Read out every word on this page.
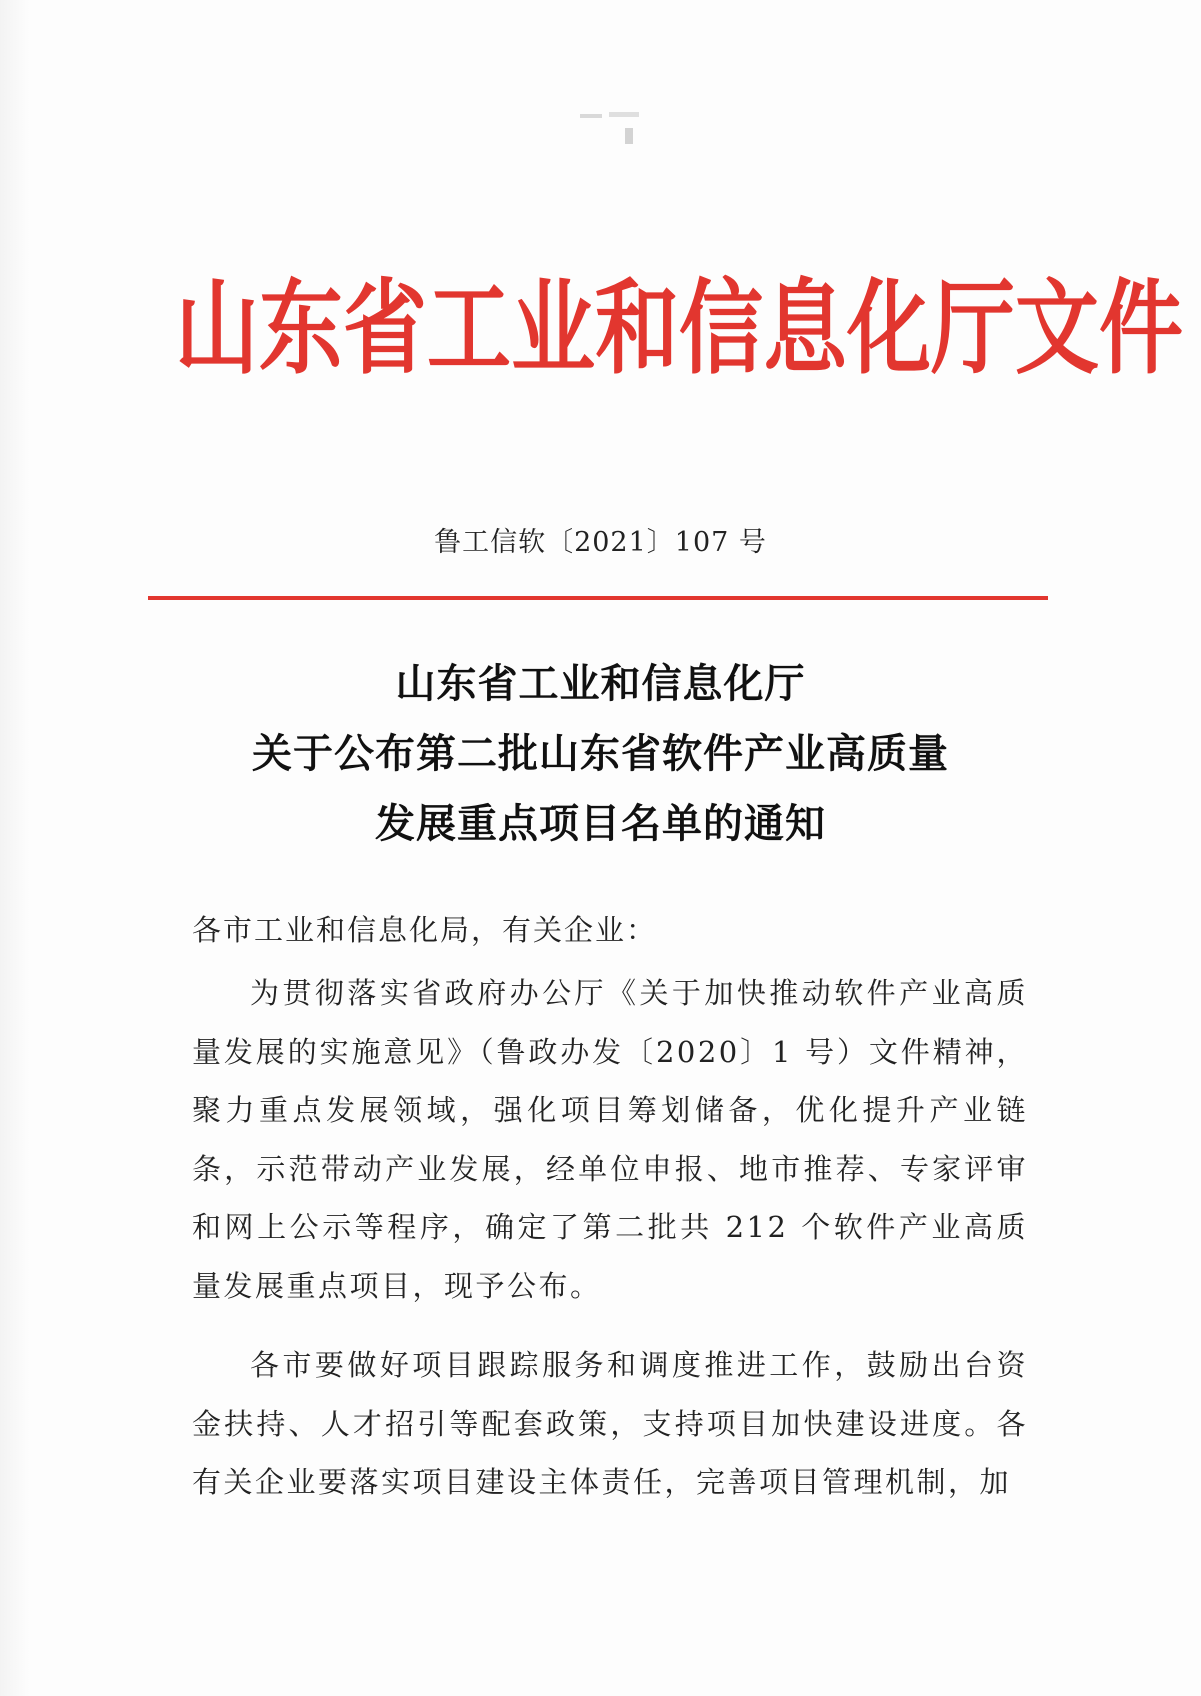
山东省工业和信息化厅文件
鲁工信软〔2021〕107 号
山东省工业和信息化厅
关于公布第二批山东省软件产业高质量
发展重点项目名单的通知
各市工业和信息化局，有关企业：
为贯彻落实省政府办公厅《关于加快推动软件产业高质量发展的实施意见》（鲁政办发〔2020〕1 号）文件精神，聚力重点发展领域，强化项目筹划储备，优化提升产业链条，示范带动产业发展，经单位申报、地市推荐、专家评审和网上公示等程序，确定了第二批共 212 个软件产业高质量发展重点项目，现予公布。
各市要做好项目跟踪服务和调度推进工作，鼓励出台资金扶持、人才招引等配套政策，支持项目加快建设进度。各有关企业要落实项目建设主体责任，完善项目管理机制，加
